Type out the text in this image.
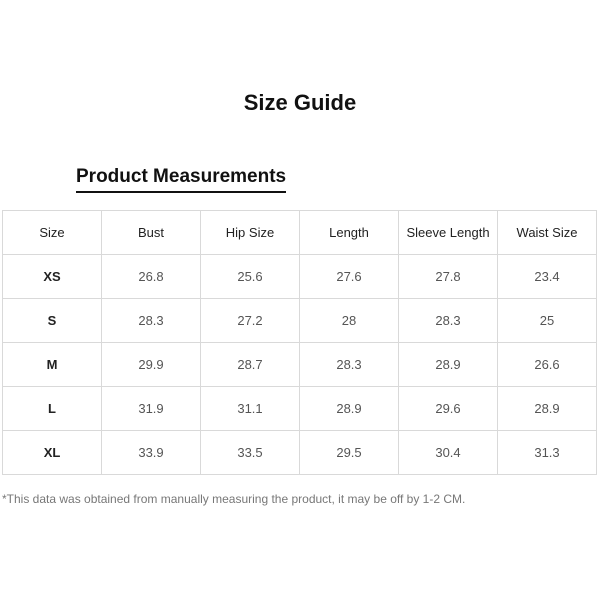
Size Guide
Product Measurements
Size	Bust	Hip Size	Length	Sleeve Length	Waist Size
XS	26.8	25.6	27.6	27.8	23.4
S	28.3	27.2	28	28.3	25
M	29.9	28.7	28.3	28.9	26.6
L	31.9	31.1	28.9	29.6	28.9
XL	33.9	33.5	29.5	30.4	31.3
*This data was obtained from manually measuring the product, it may be off by 1-2 CM.
